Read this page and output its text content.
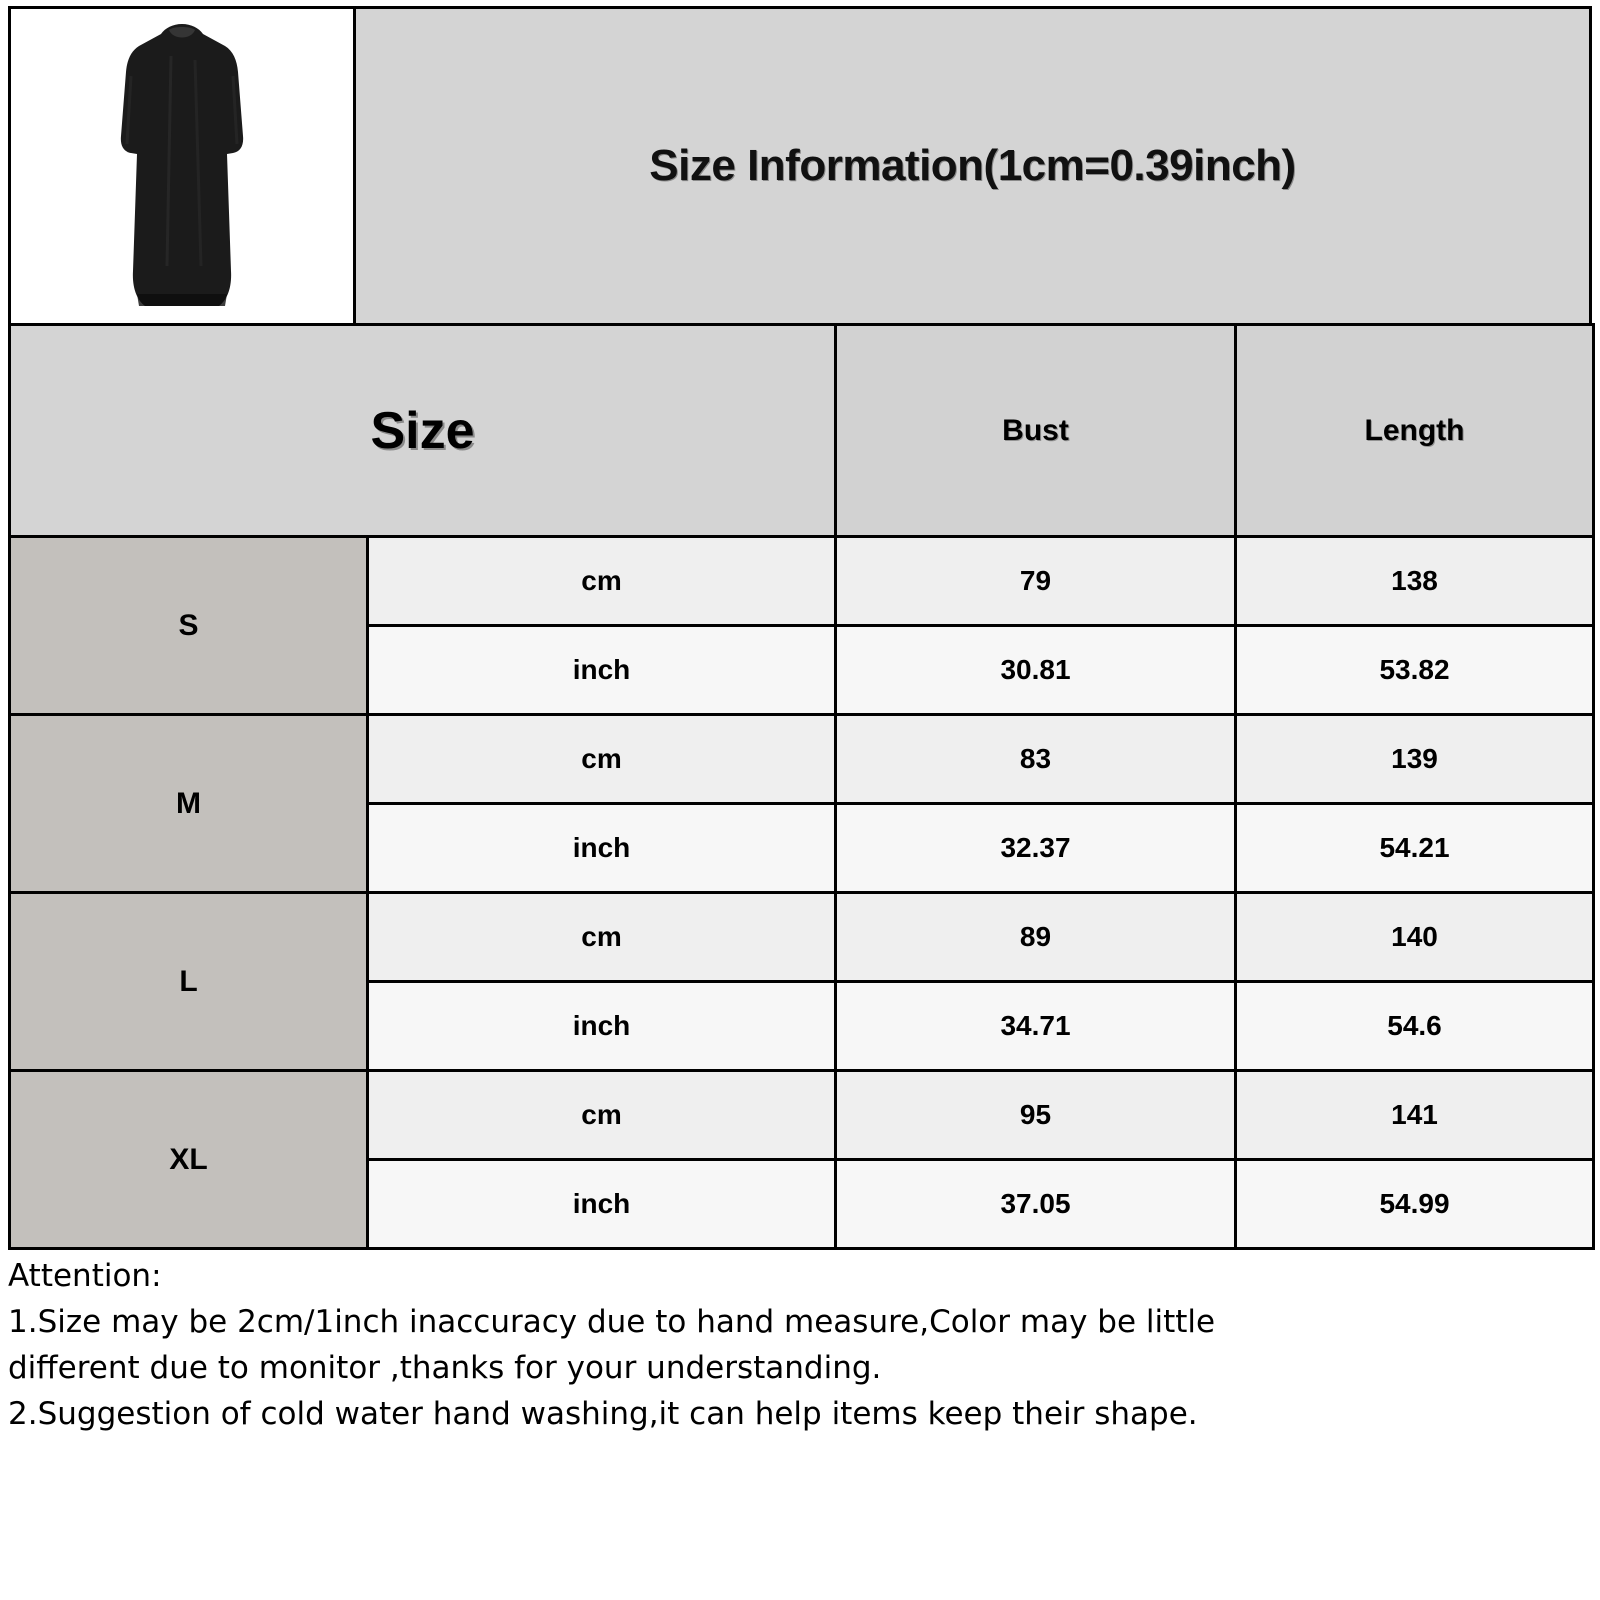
Size Information(1cm=0.39inch)
Size		Bust	Length
S	cm	79	138
	inch	30.81	53.82
M	cm	83	139
	inch	32.37	54.21
L	cm	89	140
	inch	34.71	54.6
XL	cm	95	141
	inch	37.05	54.99
Attention:
1.Size may be 2cm/1inch inaccuracy due to hand measure,Color may be little
different due to monitor ,thanks for your understanding.
2.Suggestion of cold water hand washing,it can help items keep their shape.
